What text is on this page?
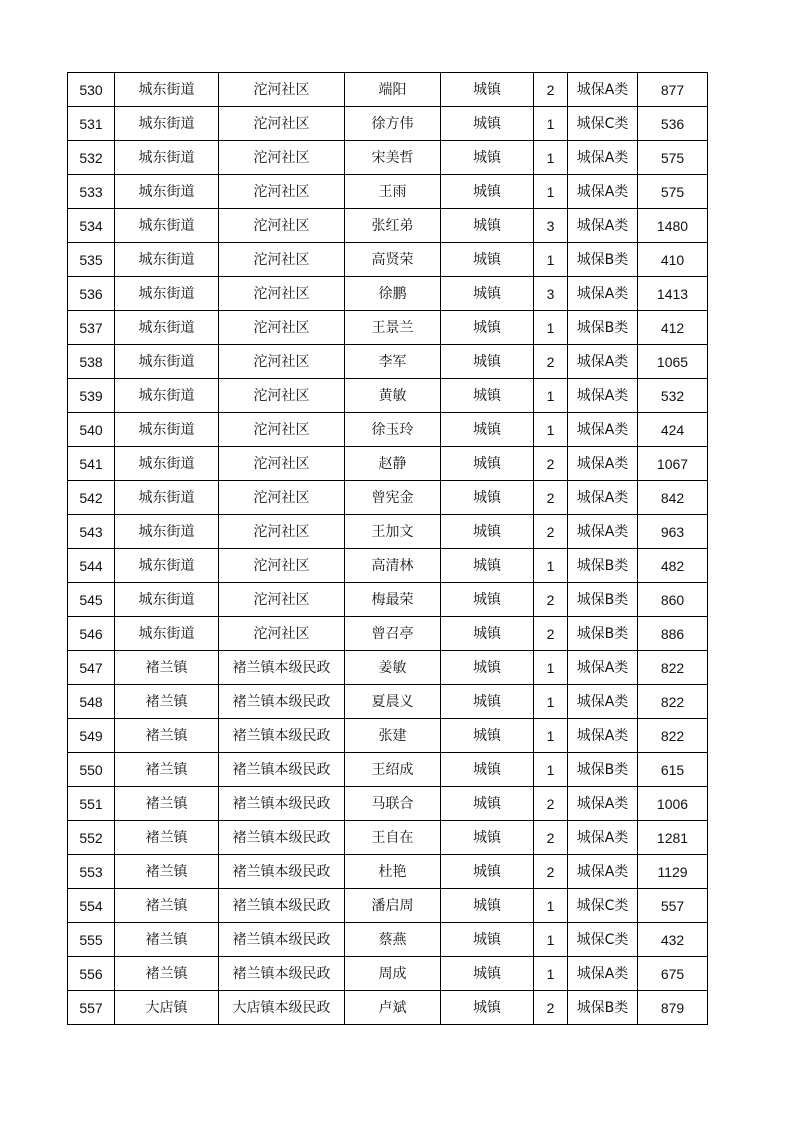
530	城东街道	沱河社区	端阳	城镇	2	城保A类	877
531	城东街道	沱河社区	徐方伟	城镇	1	城保C类	536
532	城东街道	沱河社区	宋美哲	城镇	1	城保A类	575
533	城东街道	沱河社区	王雨	城镇	1	城保A类	575
534	城东街道	沱河社区	张红弟	城镇	3	城保A类	1480
535	城东街道	沱河社区	高贤荣	城镇	1	城保B类	410
536	城东街道	沱河社区	徐鹏	城镇	3	城保A类	1413
537	城东街道	沱河社区	王景兰	城镇	1	城保B类	412
538	城东街道	沱河社区	李军	城镇	2	城保A类	1065
539	城东街道	沱河社区	黄敏	城镇	1	城保A类	532
540	城东街道	沱河社区	徐玉玲	城镇	1	城保A类	424
541	城东街道	沱河社区	赵静	城镇	2	城保A类	1067
542	城东街道	沱河社区	曾宪金	城镇	2	城保A类	842
543	城东街道	沱河社区	王加文	城镇	2	城保A类	963
544	城东街道	沱河社区	高清林	城镇	1	城保B类	482
545	城东街道	沱河社区	梅最荣	城镇	2	城保B类	860
546	城东街道	沱河社区	曾召亭	城镇	2	城保B类	886
547	褚兰镇	褚兰镇本级民政	姜敏	城镇	1	城保A类	822
548	褚兰镇	褚兰镇本级民政	夏晨义	城镇	1	城保A类	822
549	褚兰镇	褚兰镇本级民政	张建	城镇	1	城保A类	822
550	褚兰镇	褚兰镇本级民政	王绍成	城镇	1	城保B类	615
551	褚兰镇	褚兰镇本级民政	马联合	城镇	2	城保A类	1006
552	褚兰镇	褚兰镇本级民政	王自在	城镇	2	城保A类	1281
553	褚兰镇	褚兰镇本级民政	杜艳	城镇	2	城保A类	1129
554	褚兰镇	褚兰镇本级民政	潘启周	城镇	1	城保C类	557
555	褚兰镇	褚兰镇本级民政	蔡燕	城镇	1	城保C类	432
556	褚兰镇	褚兰镇本级民政	周成	城镇	1	城保A类	675
557	大店镇	大店镇本级民政	卢斌	城镇	2	城保B类	879
